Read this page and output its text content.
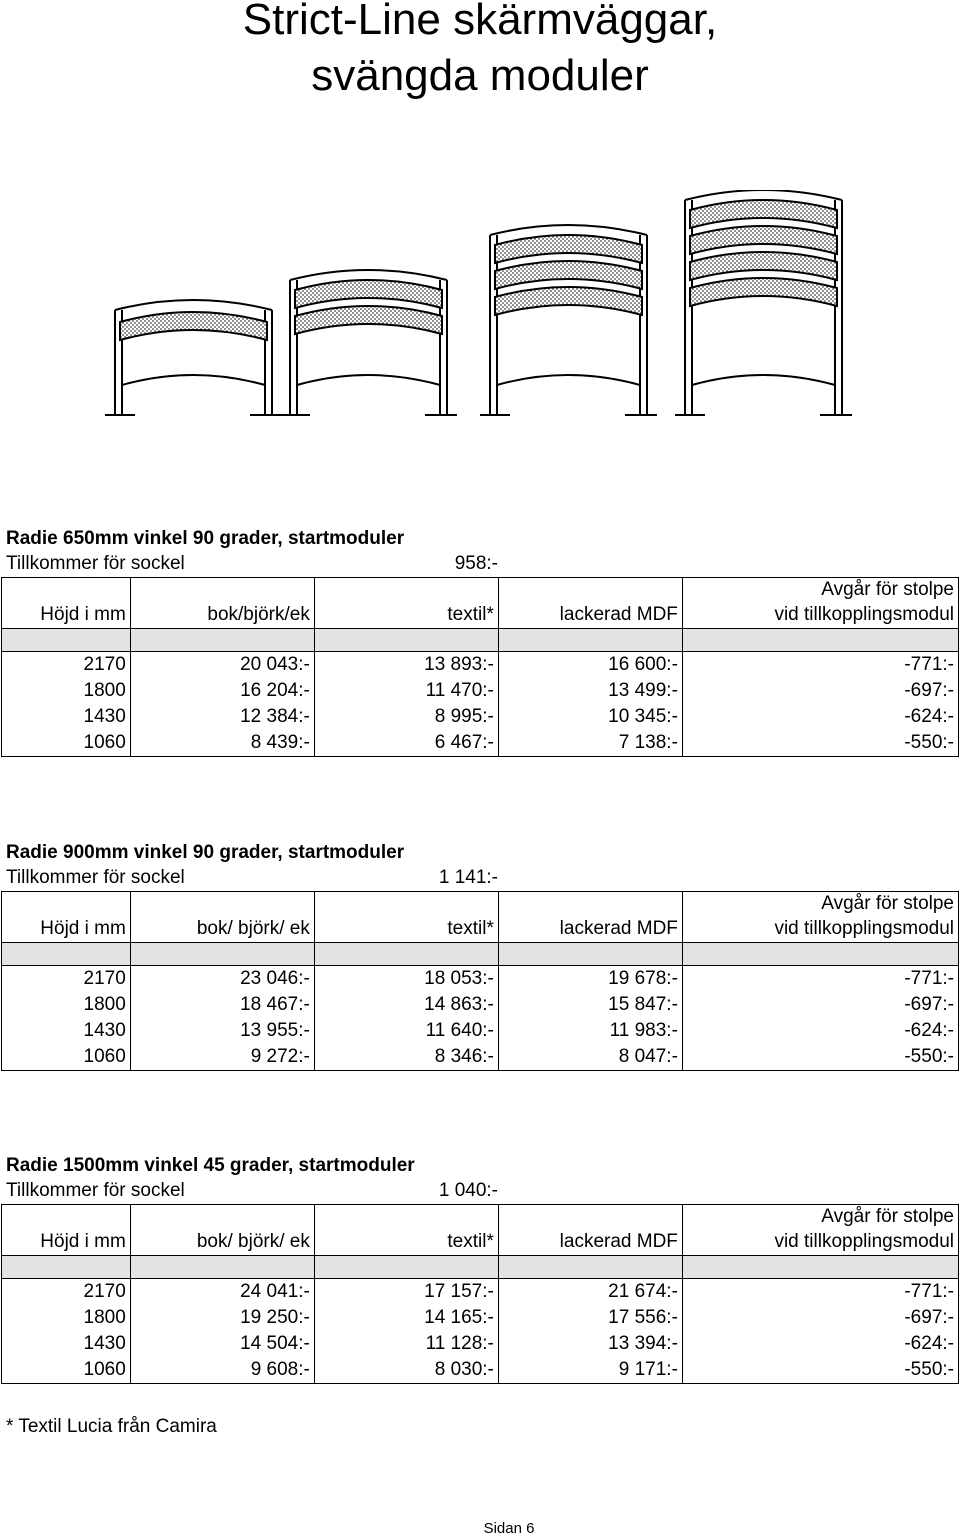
Strict-Line skärmväggar,
svängda moduler
Radie 650mm vinkel 90 grader, startmoduler
Tillkommer för sockel	958:-
				Avgår för stolpe
Höjd i mm	bok/björk/ek	textil*	lackerad MDF	vid tillkopplingsmodul

2170	20 043:-	13 893:-	16 600:-	-771:-
1800	16 204:-	11 470:-	13 499:-	-697:-
1430	12 384:-	8 995:-	10 345:-	-624:-
1060	8 439:-	6 467:-	7 138:-	-550:-
Radie 900mm vinkel 90 grader, startmoduler
Tillkommer för sockel	1 141:-
				Avgår för stolpe
Höjd i mm	bok/ björk/ ek	textil*	lackerad MDF	vid tillkopplingsmodul

2170	23 046:-	18 053:-	19 678:-	-771:-
1800	18 467:-	14 863:-	15 847:-	-697:-
1430	13 955:-	11 640:-	11 983:-	-624:-
1060	9 272:-	8 346:-	8 047:-	-550:-
Radie 1500mm vinkel 45 grader, startmoduler
Tillkommer för sockel	1 040:-
				Avgår för stolpe
Höjd i mm	bok/ björk/ ek	textil*	lackerad MDF	vid tillkopplingsmodul

2170	24 041:-	17 157:-	21 674:-	-771:-
1800	19 250:-	14 165:-	17 556:-	-697:-
1430	14 504:-	11 128:-	13 394:-	-624:-
1060	9 608:-	8 030:-	9 171:-	-550:-
* Textil Lucia från Camira
Sidan 6
